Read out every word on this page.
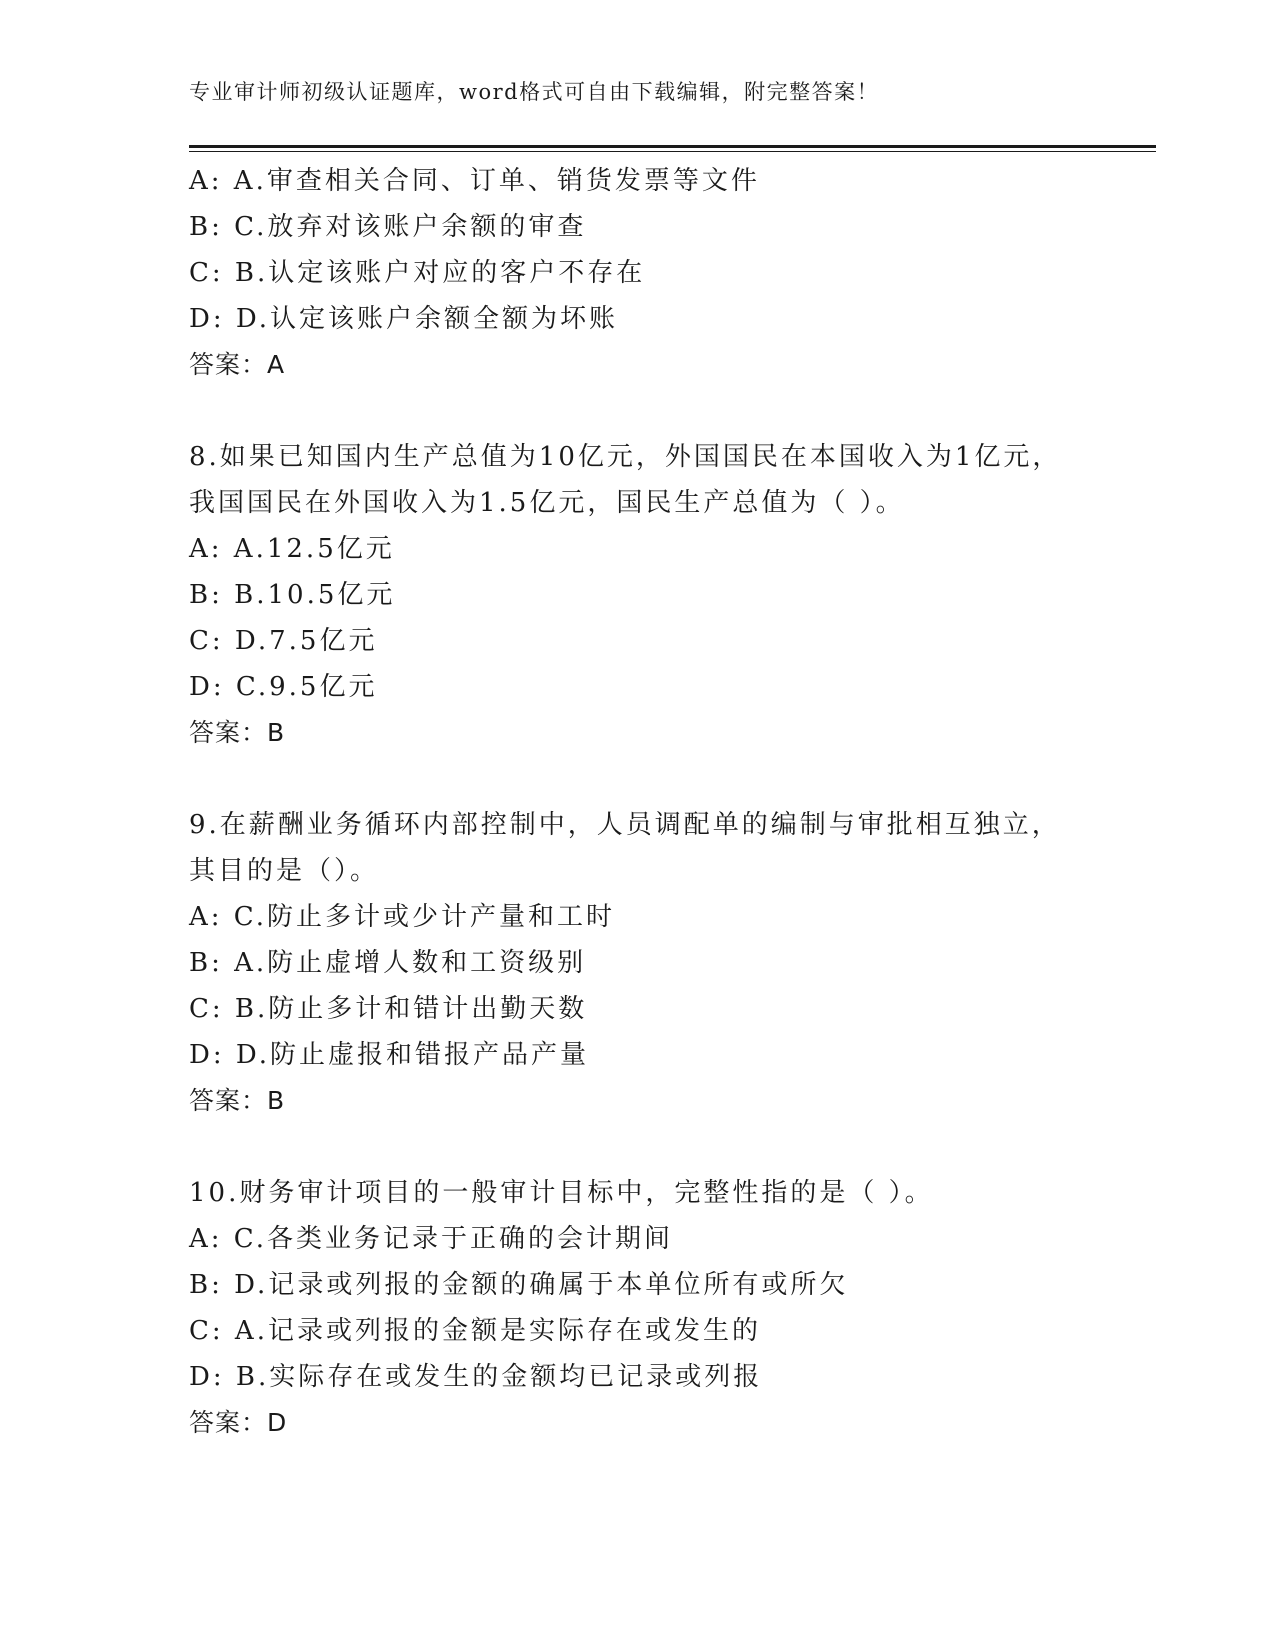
专业审计师初级认证题库，word格式可自由下载编辑，附完整答案！
A: A.审查相关合同、订单、销货发票等文件
B: C.放弃对该账户余额的审查
C: B.认定该账户对应的客户不存在
D: D.认定该账户余额全额为坏账
答案：A
8.如果已知国内生产总值为10亿元，外国国民在本国收入为1亿元，
我国国民在外国收入为1.5亿元，国民生产总值为（ ）。
A: A.12.5亿元
B: B.10.5亿元
C: D.7.5亿元
D: C.9.5亿元
答案：B
9.在薪酬业务循环内部控制中，人员调配单的编制与审批相互独立，
其目的是（）。
A: C.防止多计或少计产量和工时
B: A.防止虚增人数和工资级别
C: B.防止多计和错计出勤天数
D: D.防止虚报和错报产品产量
答案：B
10.财务审计项目的一般审计目标中，完整性指的是（ ）。
A: C.各类业务记录于正确的会计期间
B: D.记录或列报的金额的确属于本单位所有或所欠
C: A.记录或列报的金额是实际存在或发生的
D: B.实际存在或发生的金额均已记录或列报
答案：D
